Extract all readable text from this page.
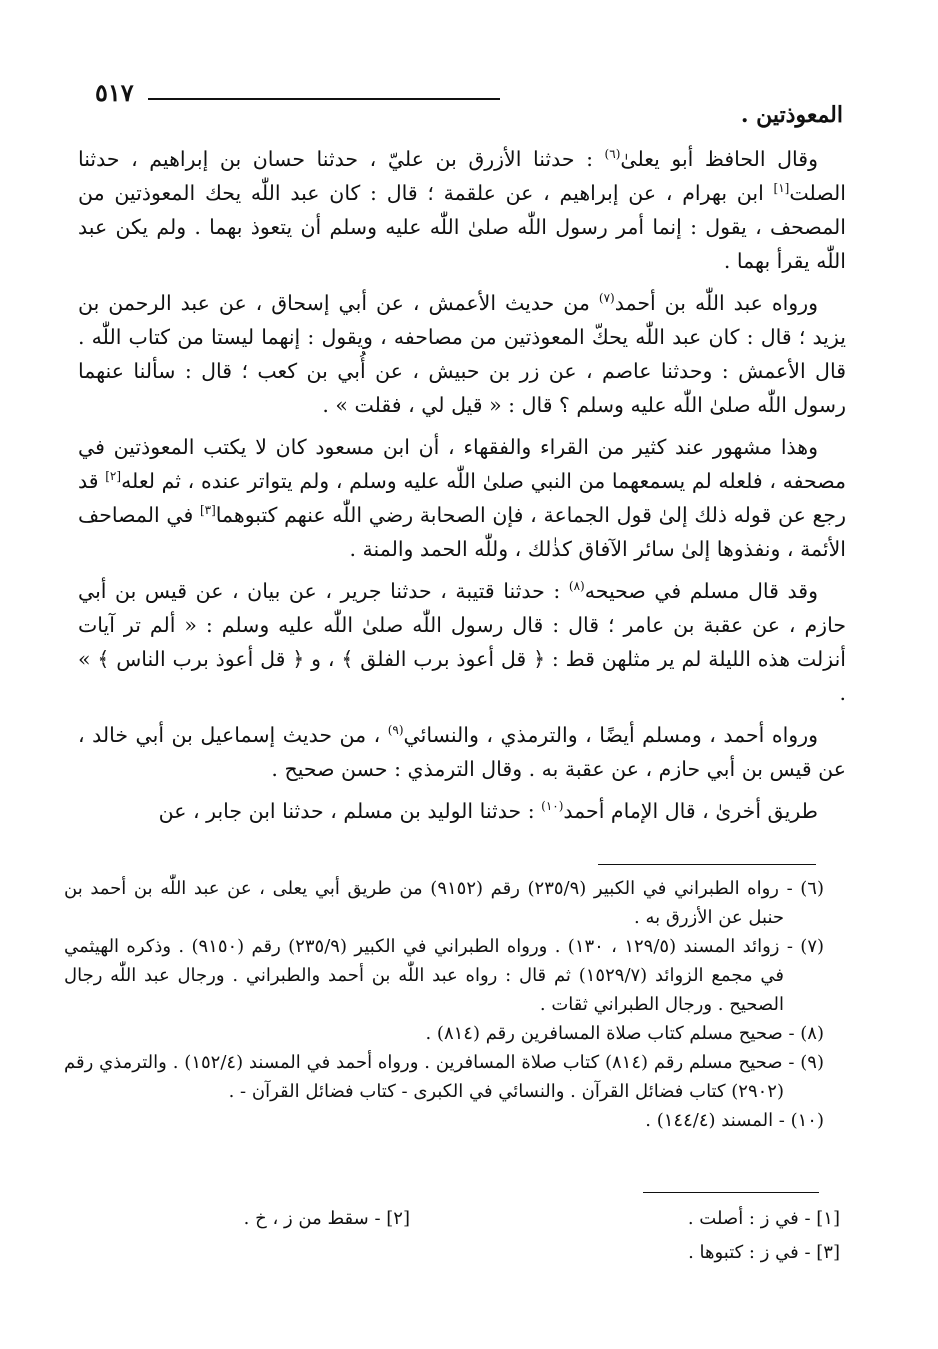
٥١٧
المعوذتين .

وقال الحافظ أبو يعلىٰ$^{(٦)}$ : حدثنا الأزرق بن عليّ ، حدثنا حسان بن إبراهيم ، حدثنا الصلت[١] ابن بهرام ، عن إبراهيم ، عن علقمة ؛ قال : كان عبد اللّٰه يحك المعوذتين من المصحف ، يقول : إنما أمر رسول اللّٰه صلىٰ اللّٰه عليه وسلم أن يتعوذ بهما . ولم يكن عبد اللّٰه يقرأ بهما .

ورواه عبد اللّٰه بن أحمد$^{(٧)}$ من حديث الأعمش ، عن أبي إسحاق ، عن عبد الرحمن بن يزيد ؛ قال : كان عبد اللّٰه يحكّ المعوذتين من مصاحفه ، ويقول : إنهما ليستا من كتاب اللّٰه . قال الأعمش : وحدثنا عاصم ، عن زر بن حبيش ، عن أُبي بن كعب ؛ قال : سألنا عنهما رسول اللّٰه صلىٰ اللّٰه عليه وسلم ؟ قال : « قيل لي ، فقلت » .

وهذا مشهور عند كثير من القراء والفقهاء ، أن ابن مسعود كان لا يكتب المعوذتين في مصحفه ، فلعله لم يسمعهما من النبي صلىٰ اللّٰه عليه وسلم ، ولم يتواتر عنده ، ثم لعله[٢] قد رجع عن قوله ذلك إلىٰ قول الجماعة ، فإن الصحابة رضي اللّٰه عنهم كتبوهما[٣] في المصاحف الأئمة ، ونفذوها إلىٰ سائر الآفاق كذٰلك ، وللّٰه الحمد والمنة .

وقد قال مسلم في صحيحه$^{(٨)}$ : حدثنا قتيبة ، حدثنا جرير ، عن بيان ، عن قيس بن أبي حازم ، عن عقبة بن عامر ؛ قال : قال رسول اللّٰه صلىٰ اللّٰه عليه وسلم : « ألم تر آيات أنزلت هذه الليلة لم ير مثلهن قط : ﴿ قل أعوذ برب الفلق ﴾ ، و ﴿ قل أعوذ برب الناس ﴾ » .

ورواه أحمد ، ومسلم أيضًا ، والترمذي ، والنسائي$^{(٩)}$ ، من حديث إسماعيل بن أبي خالد ، عن قيس بن أبي حازم ، عن عقبة به . وقال الترمذي : حسن صحيح .

طريق أخرىٰ ، قال الإمام أحمد$^{(١٠)}$ : حدثنا الوليد بن مسلم ، حدثنا ابن جابر ، عن

(٦) - رواه الطبراني في الكبير (٢٣٥/٩) رقم (٩١٥٢) من طريق أبي يعلى ، عن عبد اللّٰه بن أحمد بن حنبل عن الأزرق به .

(٧) - زوائد المسند (١٢٩/٥ ، ١٣٠) . ورواه الطبراني في الكبير (٢٣٥/٩) رقم (٩١٥٠) . وذكره الهيثمي في مجمع الزوائد (١٥٢٩/٧) ثم قال : رواه عبد اللّٰه بن أحمد والطبراني . ورجال عبد اللّٰه رجال الصحيح . ورجال الطبراني ثقات .

(٨) - صحيح مسلم كتاب صلاة المسافرين رقم (٨١٤) .

(٩) - صحيح مسلم رقم (٨١٤) كتاب صلاة المسافرين . ورواه أحمد في المسند (١٥٢/٤) . والترمذي رقم (٢٩٠٢) كتاب فضائل القرآن . والنسائي في الكبرى - كتاب فضائل القرآن - .

(١٠) - المسند (١٤٤/٤) .

[١] - في ز : أصلت .
[٣] - في ز : كتبوها .
[٢] - سقط من ز ، خ .
